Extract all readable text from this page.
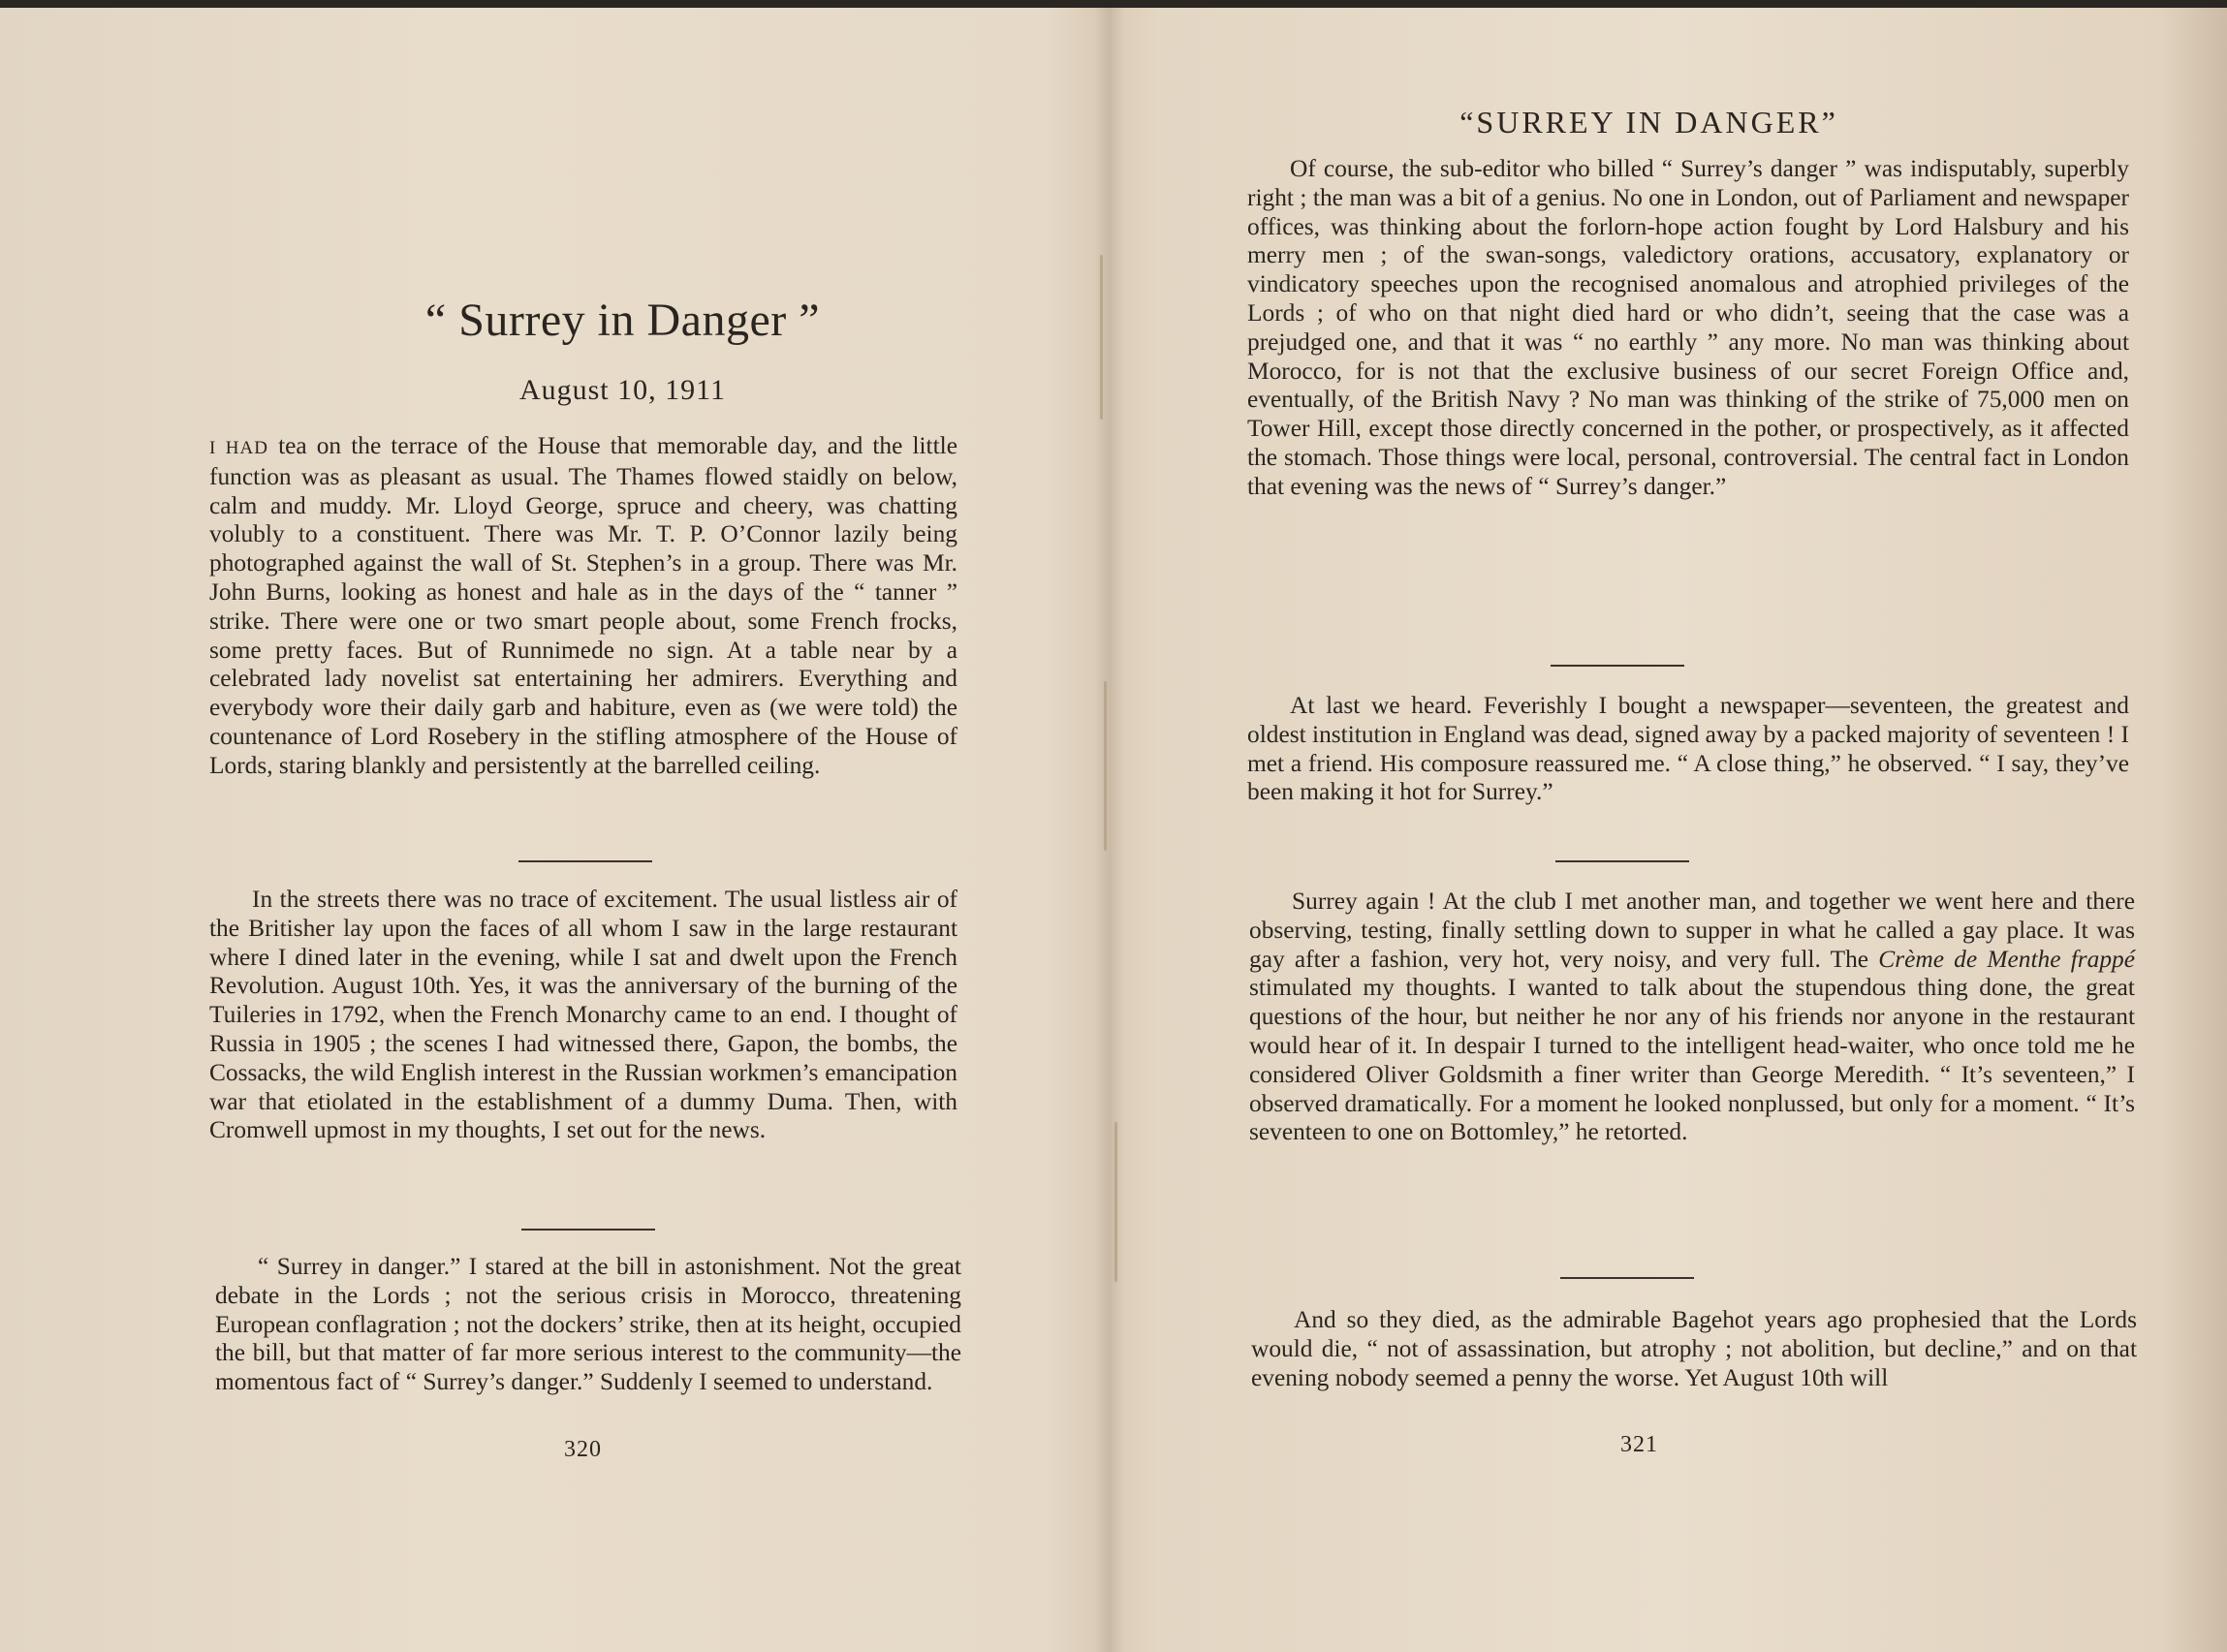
“ Surrey in Danger ”
August 10, 1911

I HAD tea on the terrace of the House that memorable day, and the little function was as pleasant as usual. The Thames flowed staidly on below, calm and muddy. Mr. Lloyd George, spruce and cheery, was chatting volubly to a constituent. There was Mr. T. P. O’Connor lazily being photographed against the wall of St. Stephen’s in a group. There was Mr. John Burns, looking as honest and hale as in the days of the “ tanner ” strike. There were one or two smart people about, some French frocks, some pretty faces. But of Runnimede no sign. At a table near by a celebrated lady novelist sat entertaining her admirers. Everything and everybody wore their daily garb and habiture, even as (we were told) the countenance of Lord Rosebery in the stifling atmosphere of the House of Lords, staring blankly and persistently at the barrelled ceiling.

In the streets there was no trace of excitement. The usual listless air of the Britisher lay upon the faces of all whom I saw in the large restaurant where I dined later in the evening, while I sat and dwelt upon the French Revolution. August 10th. Yes, it was the anniversary of the burning of the Tuileries in 1792, when the French Monarchy came to an end. I thought of Russia in 1905 ; the scenes I had witnessed there, Gapon, the bombs, the Cossacks, the wild English interest in the Russian workmen’s emancipation war that etiolated in the establishment of a dummy Duma. Then, with Cromwell upmost in my thoughts, I set out for the news.

“ Surrey in danger.” I stared at the bill in astonishment. Not the great debate in the Lords ; not the serious crisis in Morocco, threatening European conflagration ; not the dockers’ strike, then at its height, occupied the bill, but that matter of far more serious interest to the community—the momentous fact of “ Surrey’s danger.” Suddenly I seemed to understand.

320
“SURREY IN DANGER”

Of course, the sub-editor who billed “ Surrey’s danger ” was indisputably, superbly right ; the man was a bit of a genius. No one in London, out of Parliament and newspaper offices, was thinking about the forlorn-hope action fought by Lord Halsbury and his merry men ; of the swan-songs, valedictory orations, accusatory, explanatory or vindicatory speeches upon the recognised anomalous and atrophied privileges of the Lords ; of who on that night died hard or who didn’t, seeing that the case was a prejudged one, and that it was “ no earthly ” any more. No man was thinking about Morocco, for is not that the exclusive business of our secret Foreign Office and, eventually, of the British Navy ? No man was thinking of the strike of 75,000 men on Tower Hill, except those directly concerned in the pother, or prospectively, as it affected the stomach. Those things were local, personal, controversial. The central fact in London that evening was the news of “ Surrey’s danger.”

At last we heard. Feverishly I bought a newspaper—seventeen, the greatest and oldest institution in England was dead, signed away by a packed majority of seventeen ! I met a friend. His composure reassured me. “ A close thing,” he observed. “ I say, they’ve been making it hot for Surrey.”

Surrey again ! At the club I met another man, and together we went here and there observing, testing, finally settling down to supper in what he called a gay place. It was gay after a fashion, very hot, very noisy, and very full. The Crème de Menthe frappé stimulated my thoughts. I wanted to talk about the stupendous thing done, the great questions of the hour, but neither he nor any of his friends nor anyone in the restaurant would hear of it. In despair I turned to the intelligent head-waiter, who once told me he considered Oliver Goldsmith a finer writer than George Meredith. “ It’s seventeen,” I observed dramatically. For a moment he looked nonplussed, but only for a moment. “ It’s seventeen to one on Bottomley,” he retorted.

And so they died, as the admirable Bagehot years ago prophesied that the Lords would die, “ not of assassination, but atrophy ; not abolition, but decline,” and on that evening nobody seemed a penny the worse. Yet August 10th will

321
